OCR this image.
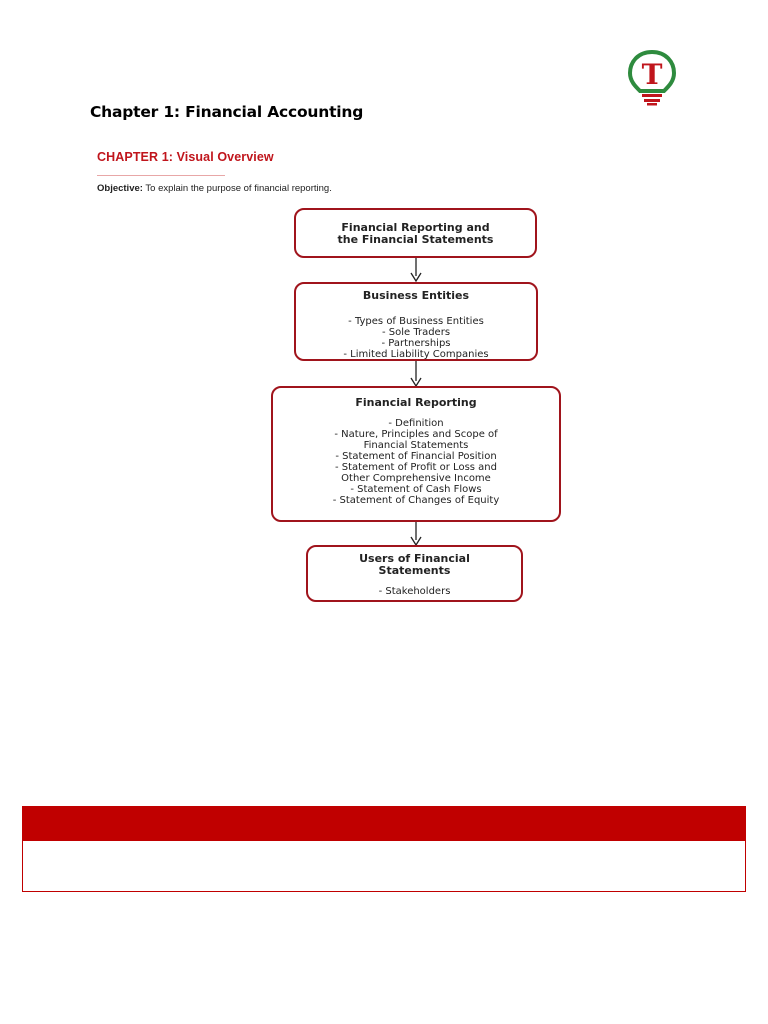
T
Chapter 1: Financial Accounting
CHAPTER 1: Visual Overview
Objective: To explain the purpose of financial reporting.
Financial Reporting and
the Financial Statements
Business Entities
- Types of Business Entities
- Sole Traders
- Partnerships
- Limited Liability Companies
Financial Reporting
- Definition
- Nature, Principles and Scope of
Financial Statements
- Statement of Financial Position
- Statement of Profit or Loss and
Other Comprehensive Income
- Statement of Cash Flows
- Statement of Changes of Equity
Users of Financial
Statements
- Stakeholders
